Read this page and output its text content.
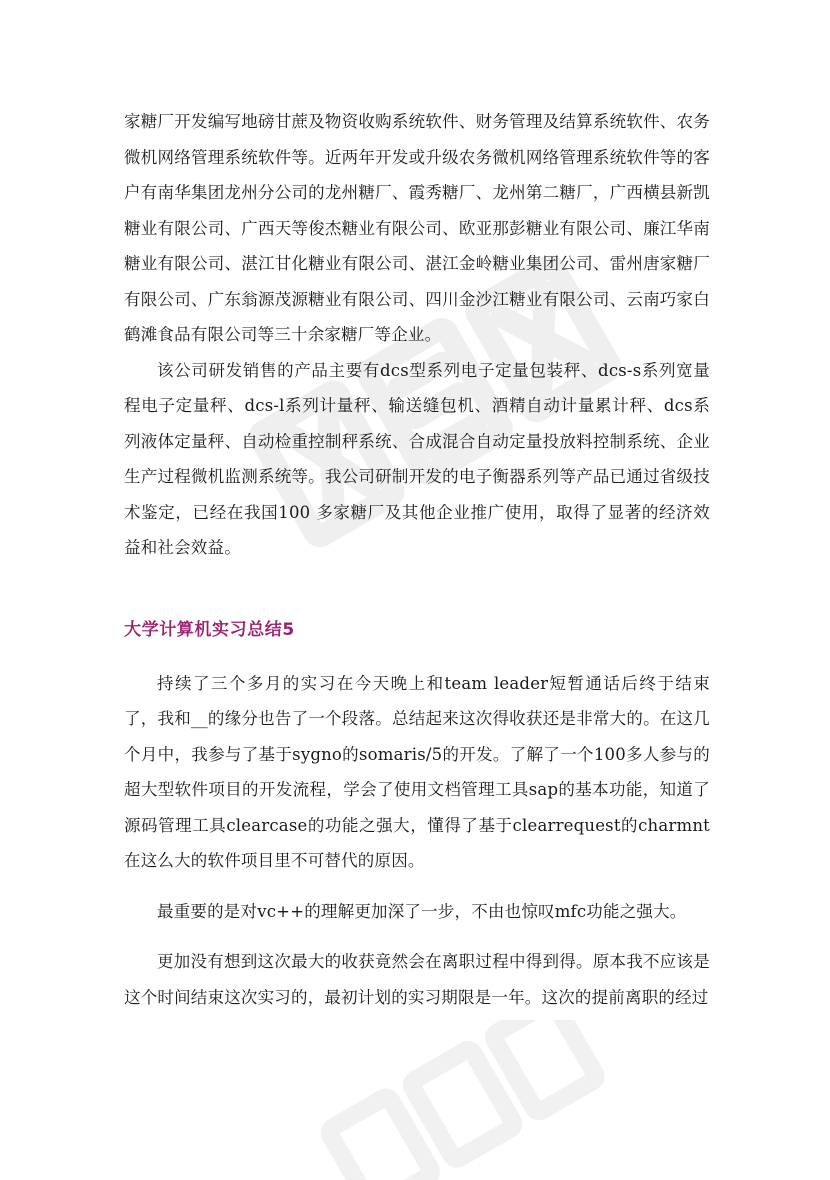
家糖厂开发编写地磅甘蔗及物资收购系统软件、财务管理及结算系统软件、农务微机网络管理系统软件等。近两年开发或升级农务微机网络管理系统软件等的客户有南华集团龙州分公司的龙州糖厂、霞秀糖厂、龙州第二糖厂，广西横县新凯糖业有限公司、广西天等俊杰糖业有限公司、欧亚那彭糖业有限公司、廉江华南糖业有限公司、湛江甘化糖业有限公司、湛江金岭糖业集团公司、雷州唐家糖厂有限公司、广东翁源茂源糖业有限公司、四川金沙江糖业有限公司、云南巧家白鹤滩食品有限公司等三十余家糖厂等企业。

该公司研发销售的产品主要有dcs型系列电子定量包装秤、dcs-s系列宽量程电子定量秤、dcs-l系列计量秤、输送缝包机、酒精自动计量累计秤、dcs系列液体定量秤、自动检重控制秤系统、合成混合自动定量投放料控制系统、企业生产过程微机监测系统等。我公司研制开发的电子衡器系列等产品已通过省级技术鉴定，已经在我国100 多家糖厂及其他企业推广使用，取得了显著的经济效益和社会效益。

大学计算机实习总结5

持续了三个多月的实习在今天晚上和team leader短暂通话后终于结束了，我和__的缘分也告了一个段落。总结起来这次得收获还是非常大的。在这几个月中，我参与了基于sygno的somaris/5的开发。了解了一个100多人参与的超大型软件项目的开发流程，学会了使用文档管理工具sap的基本功能，知道了源码管理工具clearcase的功能之强大，懂得了基于clearrequest的charmnt在这么大的软件项目里不可替代的原因。

最重要的是对vc++的理解更加深了一步，不由也惊叹mfc功能之强大。

更加没有想到这次最大的收获竟然会在离职过程中得到得。原本我不应该是这个时间结束这次实习的，最初计划的实习期限是一年。这次的提前离职的经过
